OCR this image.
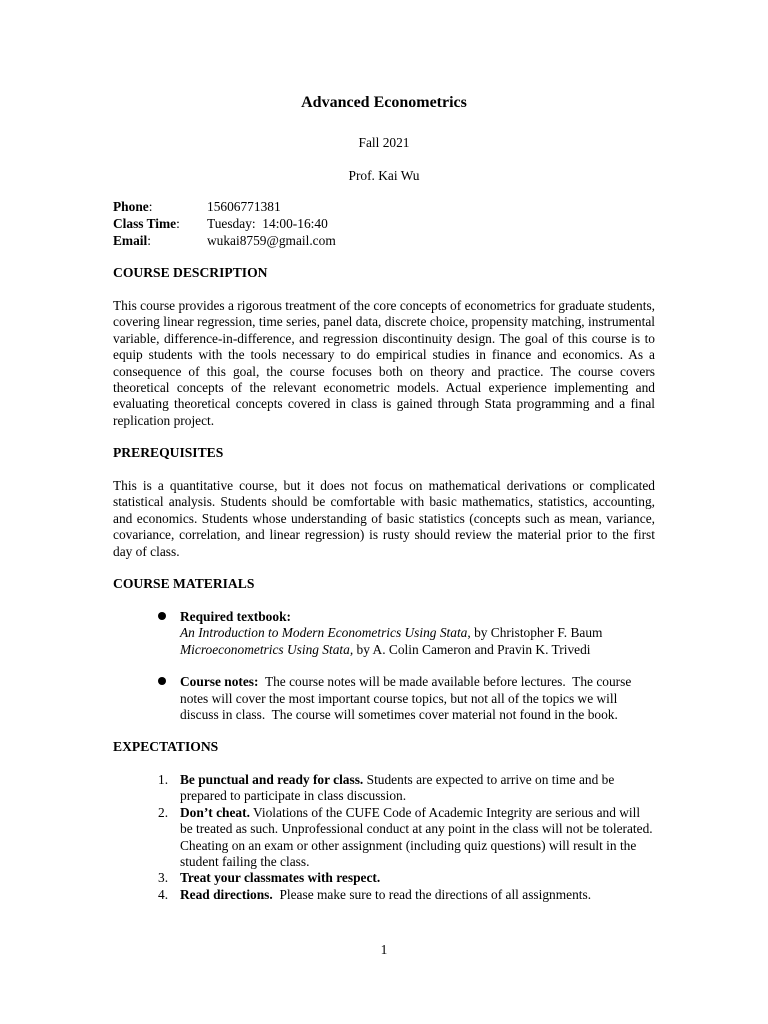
Advanced Econometrics
Fall 2021
Prof. Kai Wu
Phone:	15606771381
Class Time: Tuesday:  14:00-16:40
Email:	wukai8759@gmail.com
COURSE DESCRIPTION
This course provides a rigorous treatment of the core concepts of econometrics for graduate students, covering linear regression, time series, panel data, discrete choice, propensity matching, instrumental variable, difference-in-difference, and regression discontinuity design. The goal of this course is to equip students with the tools necessary to do empirical studies in finance and economics. As a consequence of this goal, the course focuses both on theory and practice. The course covers theoretical concepts of the relevant econometric models. Actual experience implementing and evaluating theoretical concepts covered in class is gained through Stata programming and a final replication project.
PREREQUISITES
This is a quantitative course, but it does not focus on mathematical derivations or complicated statistical analysis. Students should be comfortable with basic mathematics, statistics, accounting, and economics. Students whose understanding of basic statistics (concepts such as mean, variance, covariance, correlation, and linear regression) is rusty should review the material prior to the first day of class.
COURSE MATERIALS
Required textbook:
An Introduction to Modern Econometrics Using Stata, by Christopher F. Baum
Microeconometrics Using Stata, by A. Colin Cameron and Pravin K. Trivedi
Course notes:  The course notes will be made available before lectures.  The course notes will cover the most important course topics, but not all of the topics we will discuss in class.  The course will sometimes cover material not found in the book.
EXPECTATIONS
1. Be punctual and ready for class. Students are expected to arrive on time and be prepared to participate in class discussion.
2. Don’t cheat. Violations of the CUFE Code of Academic Integrity are serious and will be treated as such. Unprofessional conduct at any point in the class will not be tolerated. Cheating on an exam or other assignment (including quiz questions) will result in the student failing the class.
3. Treat your classmates with respect.
4. Read directions.  Please make sure to read the directions of all assignments.
1
